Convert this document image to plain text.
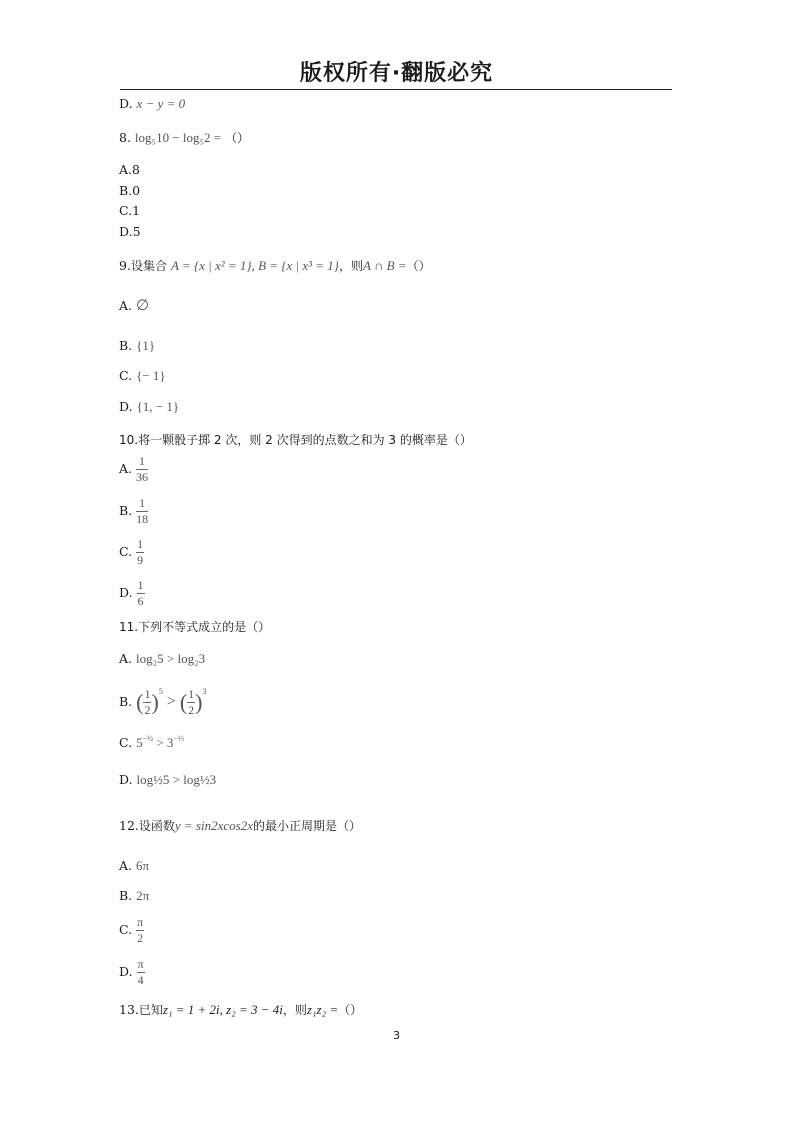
版权所有·翻版必究
D. x − y = 0
8. log₅10 − log₅2 = （）
A.8
B.0
C.1
D.5
9.设集合 A = {x | x² = 1}, B = {x | x³ = 1}，则A ∩ B =（）
A. ∅
B. {1}
C. {− 1}
D. {1, − 1}
10.将一颗骰子掷 2 次，则 2 次得到的点数之和为 3 的概率是（）
A. $\frac{1}{36}$
B. $\frac{1}{18}$
C. $\frac{1}{9}$
D. $\frac{1}{6}$
11.下列不等式成立的是（）
A. log₂5 > log₂3
B. ( $\frac{1}{2} )^5$ > ( $\frac{1}{2} )^3$
C. $5^{-\frac{1}{2}} > 3^{-\frac{1}{3}}$
D. log½5 > log½3
12.设函数y = sin2xcos2x的最小正周期是（）
A. 6π
B. 2π
C. $\frac{\pi}{2}$
D. $\frac{\pi}{4}$
13.已知z₁ = 1 + 2i, z₂ = 3 − 4i，则z₁z₂ =（）
3
